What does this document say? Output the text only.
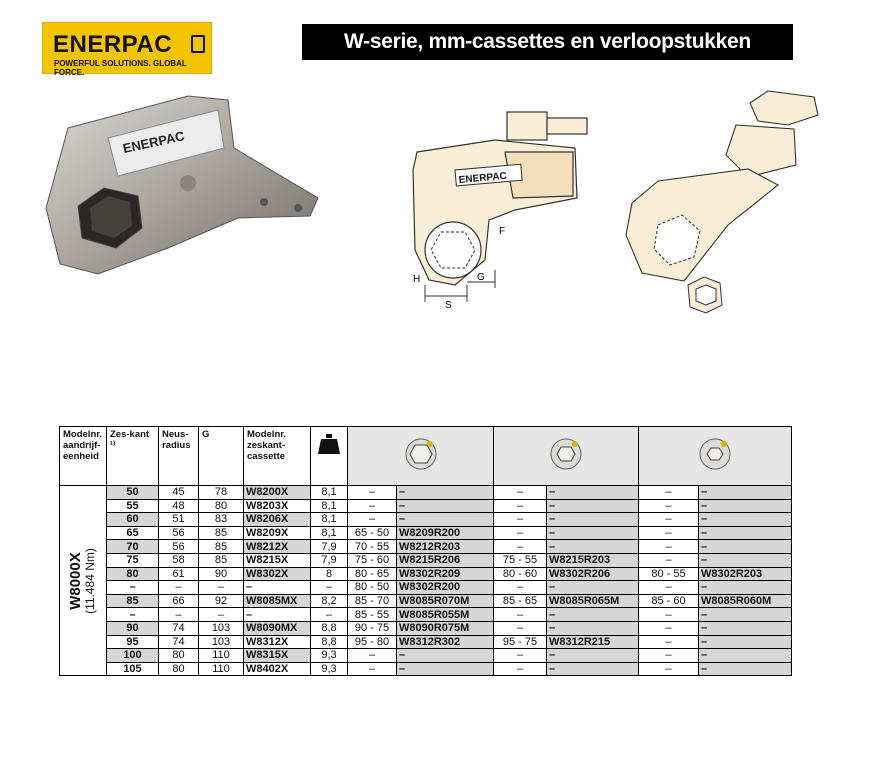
ENERPAC
POWERFUL SOLUTIONS. GLOBAL FORCE.
W-serie, mm-cassettes en verloopstukken
ENERPAC
ENERPAC
H
S
G
F
Modelnr. aandrijf-eenheid	Zes-kant ¹⁾	Neus-radius	G	Modelnr. zeskant-cassette	

W8000X (11.484 Nm)	50	45	78	W8200X	8,1	–	–	–	–	–	–
	55	48	80	W8203X	8,1	–	–	–	–	–	–
	60	51	83	W8206X	8,1	–	–	–	–	–	–
	65	56	85	W8209X	8,1	65 - 50	W8209R200	–	–	–	–
	70	56	85	W8212X	7,9	70 - 55	W8212R203	–	–	–	–
	75	58	85	W8215X	7,9	75 - 60	W8215R206	75 - 55	W8215R203	–	–
	80	61	90	W8302X	8	80 - 65	W8302R209	80 - 60	W8302R206	80 - 55	W8302R203
	–	–	–	–	–	80 - 50	W8302R200	–	–	–	–
	85	66	92	W8085MX	8,2	85 - 70	W8085R070M	85 - 65	W8085R065M	85 - 60	W8085R060M
	–	–	–	–	–	85 - 55	W8085R055M	–	–	–	–
	90	74	103	W8090MX	8,8	90 - 75	W8090R075M	–	–	–	–
	95	74	103	W8312X	8,8	95 - 80	W8312R302	95 - 75	W8312R215	–	–
	100	80	110	W8315X	9,3	–	–	–	–	–	–
	105	80	110	W8402X	9,3	–	–	–	–	–	–
